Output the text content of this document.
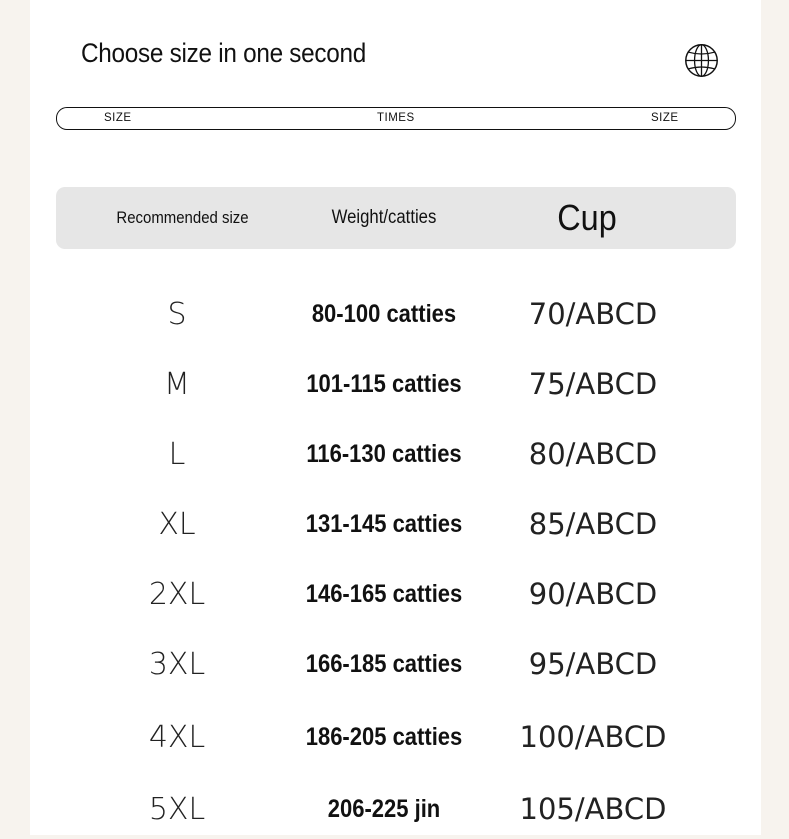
Choose size in one second
SIZE	TIMES	SIZE
Recommended size	Weight/catties	Cup
S	80-100 catties	70/ABCD
M	101-115 catties	75/ABCD
L	116-130 catties	80/ABCD
XL	131-145 catties	85/ABCD
2XL	146-165 catties	90/ABCD
3XL	166-185 catties	95/ABCD
4XL	186-205 catties	100/ABCD
5XL	206-225 jin	105/ABCD
